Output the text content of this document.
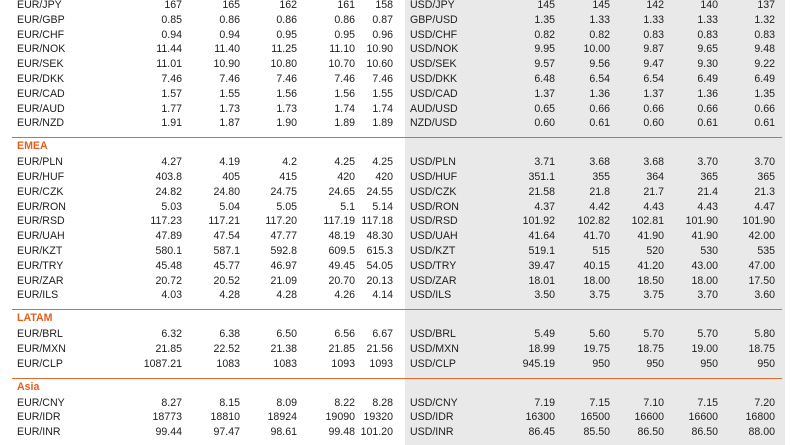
EUR/JPY	167	165	162	161 158 USD/JPY	145	145	142	140	137
EUR/GBP	0.85	0.86	0.86	0.86 0.87 GBP/USD	1.35	1.33	1.33	1.33	1.32
EUR/CHF	0.94	0.94	0.95	0.95 0.96 USD/CHF	0.82	0.82	0.83	0.83	0.83
EUR/NOK	11.44	11.40	11.25	11.10 10.90 USD/NOK	9.95	10.00	9.87	9.65	9.48
EUR/SEK	11.01	10.90	10.80	10.70 10.60 USD/SEK	9.57	9.56	9.47	9.30	9.22
EUR/DKK	7.46	7.46	7.46	7.46 7.46 USD/DKK	6.48	6.54	6.54	6.49	6.49
EUR/CAD	1.57	1.55	1.56	1.56 1.55 USD/CAD	1.37	1.36	1.37	1.36	1.35
EUR/AUD	1.77	1.73	1.73	1.74 1.74 AUD/USD	0.65	0.66	0.66	0.66	0.66
EUR/NZD	1.91	1.87	1.90	1.89 1.89 NZD/USD	0.60	0.61	0.60	0.61	0.61
EMEA
EUR/PLN	4.27	4.19	4.2	4.25 4.25 USD/PLN	3.71	3.68	3.68	3.70	3.70
EUR/HUF	403.8	405	415	420 420 USD/HUF	351.1	355	364	365	365
EUR/CZK	24.82	24.80	24.75	24.65 24.55 USD/CZK	21.58	21.8	21.7	21.4	21.3
EUR/RON	5.03	5.04	5.05	5.1 5.14 USD/RON	4.37	4.42	4.43	4.43	4.47
EUR/RSD	117.23 117.21 117.20 117.19 117.18 USD/RSD	101.92 102.82 102.81 101.90 101.90
EUR/UAH	47.89	47.54	47.77	48.19 48.30 USD/UAH	41.64	41.70	41.90	41.90	42.00
EUR/KZT	580.1	587.1	592.8	609.5 615.3 USD/KZT	519.1	515	520	530	535
EUR/TRY	45.48	45.77	46.97	49.45 54.05 USD/TRY	39.47	40.15	41.20	43.00	47.00
EUR/ZAR	20.72	20.52	21.09	20.70 20.13 USD/ZAR	18.01	18.00	18.50	18.00	17.50
EUR/ILS	4.03	4.28	4.28	4.26 4.14 USD/ILS	3.50	3.75	3.75	3.70	3.60
LATAM
EUR/BRL	6.32	6.38	6.50	6.56 6.67 USD/BRL	5.49	5.60	5.70	5.70	5.80
EUR/MXN	21.85	22.52	21.38	21.85 21.56 USD/MXN	18.99	19.75	18.75	19.00	18.75
EUR/CLP	1087.21	1083	1083	1093 1093 USD/CLP	945.19	950	950	950	950
Asia
EUR/CNY	8.27	8.15	8.09	8.22 8.28 USD/CNY	7.19	7.15	7.10	7.15	7.20
EUR/IDR	18773	18810	18924	19090 19320 USD/IDR	16300 16500 16600 16600	16800
EUR/INR	99.44	97.47	98.61	99.48 101.20 USD/INR	86.45	85.50	86.50	86.50	88.00
